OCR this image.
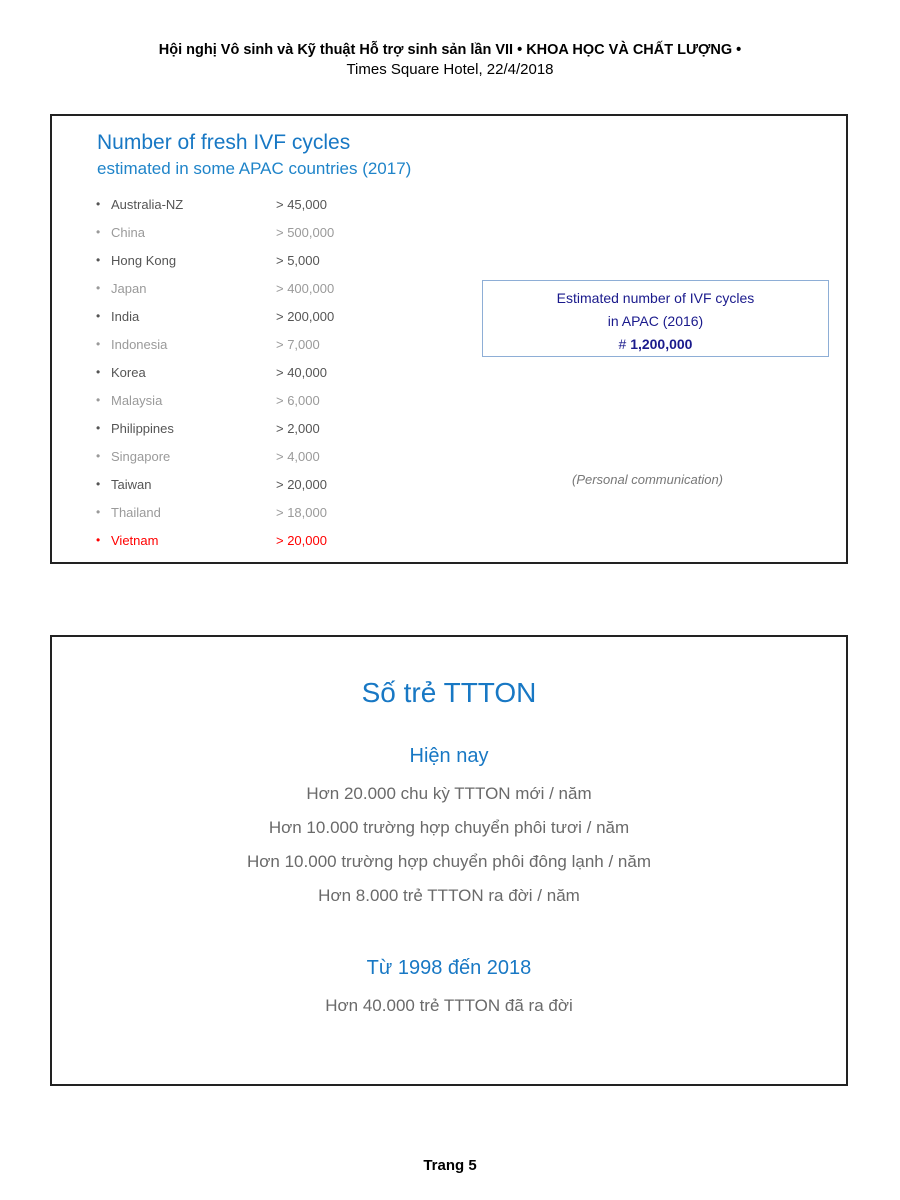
Hội nghị Vô sinh và Kỹ thuật Hỗ trợ sinh sản lần VII • KHOA HỌC VÀ CHẤT LƯỢNG •
Times Square Hotel, 22/4/2018
Number of fresh IVF cycles
estimated in some APAC countries (2017)
• Australia-NZ	> 45,000
• China	> 500,000
• Hong Kong	> 5,000
• Japan	> 400,000
• India	> 200,000
• Indonesia	> 7,000
• Korea	> 40,000
• Malaysia	> 6,000
• Philippines	> 2,000
• Singapore	> 4,000
• Taiwan	> 20,000
• Thailand	> 18,000
• Vietnam	> 20,000
Estimated number of IVF cycles
in APAC (2016)
# 1,200,000
(Personal communication)
Số trẻ TTTON
Hiện nay
Hơn 20.000 chu kỳ TTTON mới / năm
Hơn 10.000 trường hợp chuyển phôi tươi / năm
Hơn 10.000 trường hợp chuyển phôi đông lạnh / năm
Hơn 8.000 trẻ TTTON ra đời / năm
Từ 1998 đến 2018
Hơn 40.000 trẻ TTTON đã ra đời
Trang 5
